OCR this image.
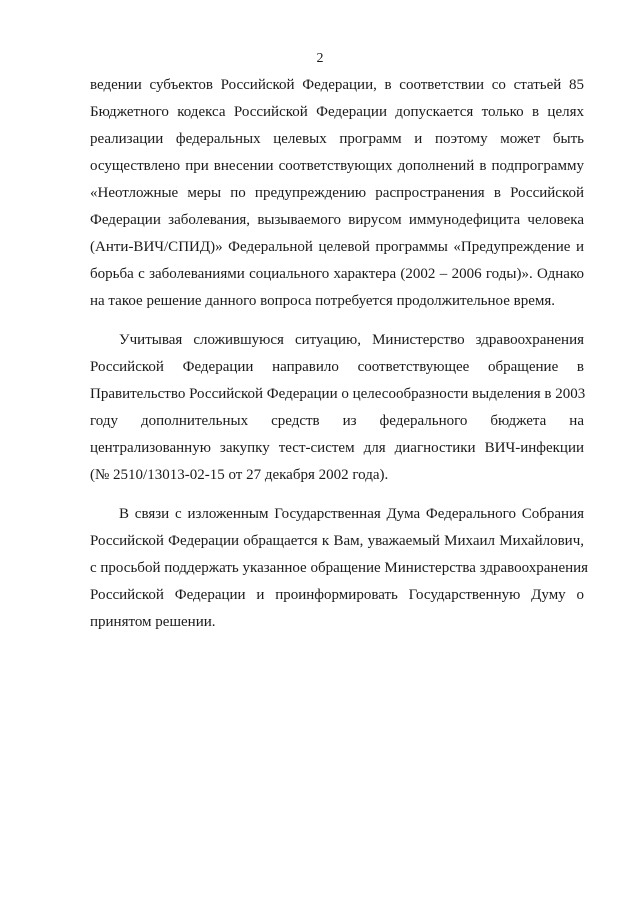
2

ведении субъектов Российской Федерации, в соответствии со статьей 85
Бюджетного кодекса Российской Федерации допускается только в целях
реализации федеральных целевых программ и поэтому может быть
осуществлено при внесении соответствующих дополнений в подпрограмму
«Неотложные меры по предупреждению распространения в Российской
Федерации заболевания, вызываемого вирусом иммунодефицита человека
(Анти-ВИЧ/СПИД)» Федеральной целевой программы «Предупреждение и
борьба с заболеваниями социального характера (2002 – 2006 годы)». Однако
на такое решение данного вопроса потребуется продолжительное время.

Учитывая сложившуюся ситуацию, Министерство здравоохранения
Российской Федерации направило соответствующее обращение в
Правительство Российской Федерации о целесообразности выделения в 2003
году дополнительных средств из федерального бюджета на
централизованную закупку тест-систем для диагностики ВИЧ-инфекции
(№ 2510/13013-02-15 от 27 декабря 2002 года).

В связи с изложенным Государственная Дума Федерального Собрания
Российской Федерации обращается к Вам, уважаемый Михаил Михайлович,
с просьбой поддержать указанное обращение Министерства здравоохранения
Российской Федерации и проинформировать Государственную Думу о
принятом решении.
